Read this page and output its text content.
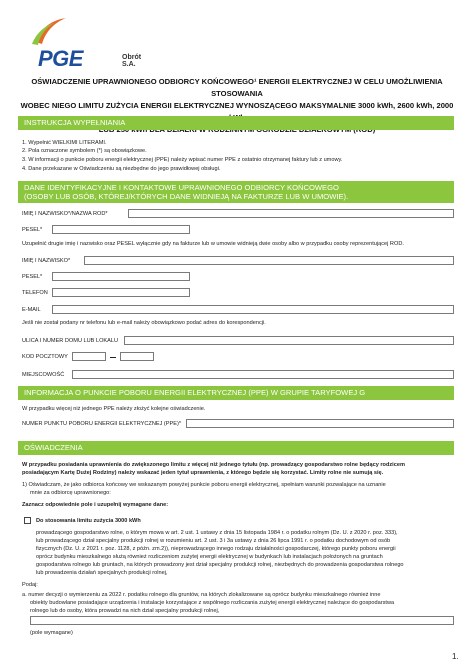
PGE	Obrót S.A.
OŚWIADCZENIE UPRAWNIONEGO ODBIORCY KOŃCOWEGO¹ ENERGII ELEKTRYCZNEJ W CELU UMOŻLIWIENIA STOSOWANIA
WOBEC NIEGO LIMITU ZUŻYCIA ENERGII ELEKTRYCZNEJ WYNOSZĄCEGO MAKSYMALNIE 3000 kWh, 2600 kWh, 2000
INSTRUKCJA WYPEŁNIANIA
1. Wypełnić WIELKIMI LITERAMI.
2. Pola oznaczone symbolem (*) są obowiązkowe.
3. W informacji o punkcie poboru energii elektrycznej (PPE) należy wpisać numer PPE z ostatnio otrzymanej faktury lub z umowy.
4. Dane przekazane w Oświadczeniu są niezbędne do jego prawidłowej obsługi.
DANE IDENTYFIKACYJNE I KONTAKTOWE UPRAWNIONEGO ODBIORCY KOŃCOWEGO
(OSOBY LUB OSÓB, KTÓREJ/KTÓRYCH DANE WIDNIEJĄ NA FAKTURZE LUB W UMOWIE).
IMIĘ I NAZWISKO*/NAZWA ROD*
PESEL*
Uzupełnić drugie imię i nazwisko oraz PESEL wyłącznie gdy na fakturze lub w umowie widnieją dwie osoby albo w przypadku osoby reprezentującej ROD.
IMIĘ I NAZWISKO*
PESEL*
TELEFON
E-MAIL
Jeśli nie został podany nr telefonu lub e-mail należy obowiązkowo podać adres do korespondencji.
ULICA I NUMER DOMU LUB LOKALU
KOD POCZTOWY
MIEJSCOWOŚĆ
INFORMACJA O PUNKCIE POBORU ENERGII ELEKTRYCZNEJ (PPE) W GRUPIE TARYFOWEJ G
W przypadku więcej niż jednego PPE należy złożyć kolejne oświadczenie.
NUMER PUNKTU POBORU ENERGII ELEKTRYCZNEJ (PPE)*
OŚWIADCZENIA
W przypadku posiadania uprawnienia do zwiększonego limitu z więcej niż jednego tytułu (np. prowadzący gospodarstwo rolne będący rodzicem
posiadającym Kartę Dużej Rodziny) należy wskazać jeden tytuł uprawnienia, z którego będzie się korzystać. Limity rolne nie sumują się.
1) Oświadczam, że jako odbiorca końcowy we wskazanym powyżej punkcie poboru energii elektrycznej, spełniam warunki pozwalające na uznanie
mnie za odbiorcę uprawnionego:
Zaznacz odpowiednie pole i uzupełnij wymagane dane:
Do stosowania limitu zużycia 3000 kWh
prowadzącego gospodarstwo rolne, o którym mowa w art. 2 ust. 1 ustawy z dnia 15 listopada 1984 r. o podatku rolnym (Dz. U. z 2020 r. poz. 333),
lub prowadzącego dział specjalny produkcji rolnej w rozumieniu art. 2 ust. 3 i 3a ustawy z dnia 26 lipca 1991 r. o podatku dochodowym od osób
fizycznych (Dz. U. z 2021 r. poz. 1128, z późn. zm.2)), nieprowadzącego innego rodzaju działalności gospodarczej, którego punkty poboru energii
oprócz budynku mieszkalnego służą również rozliczeniom zużytej energii elektrycznej w budynkach lub instalacjach położonych na gruntach
gospodarstwa rolnego lub gruntach, na których prowadzony jest dział specjalny produkcji rolnej, niezbędnych do prowadzenia gospodarstwa rolnego
lub prowadzenia działań specjalnych produkcji rolnej,
Podaj:
a. numer decyzji o wymierzeniu za 2022 r. podatku rolnego dla gruntów, na których zlokalizowane są oprócz budynku mieszkalnego również inne
obiekty budowlane posiadające urządzenia i instalacje korzystające z wspólnego rozliczania zużytej energii elektrycznej należące do gospodarstwa
rolnego lub do osoby, która prowadzi na nich dział specjalny produkcji rolnej,
(pole wymagane)
1.
